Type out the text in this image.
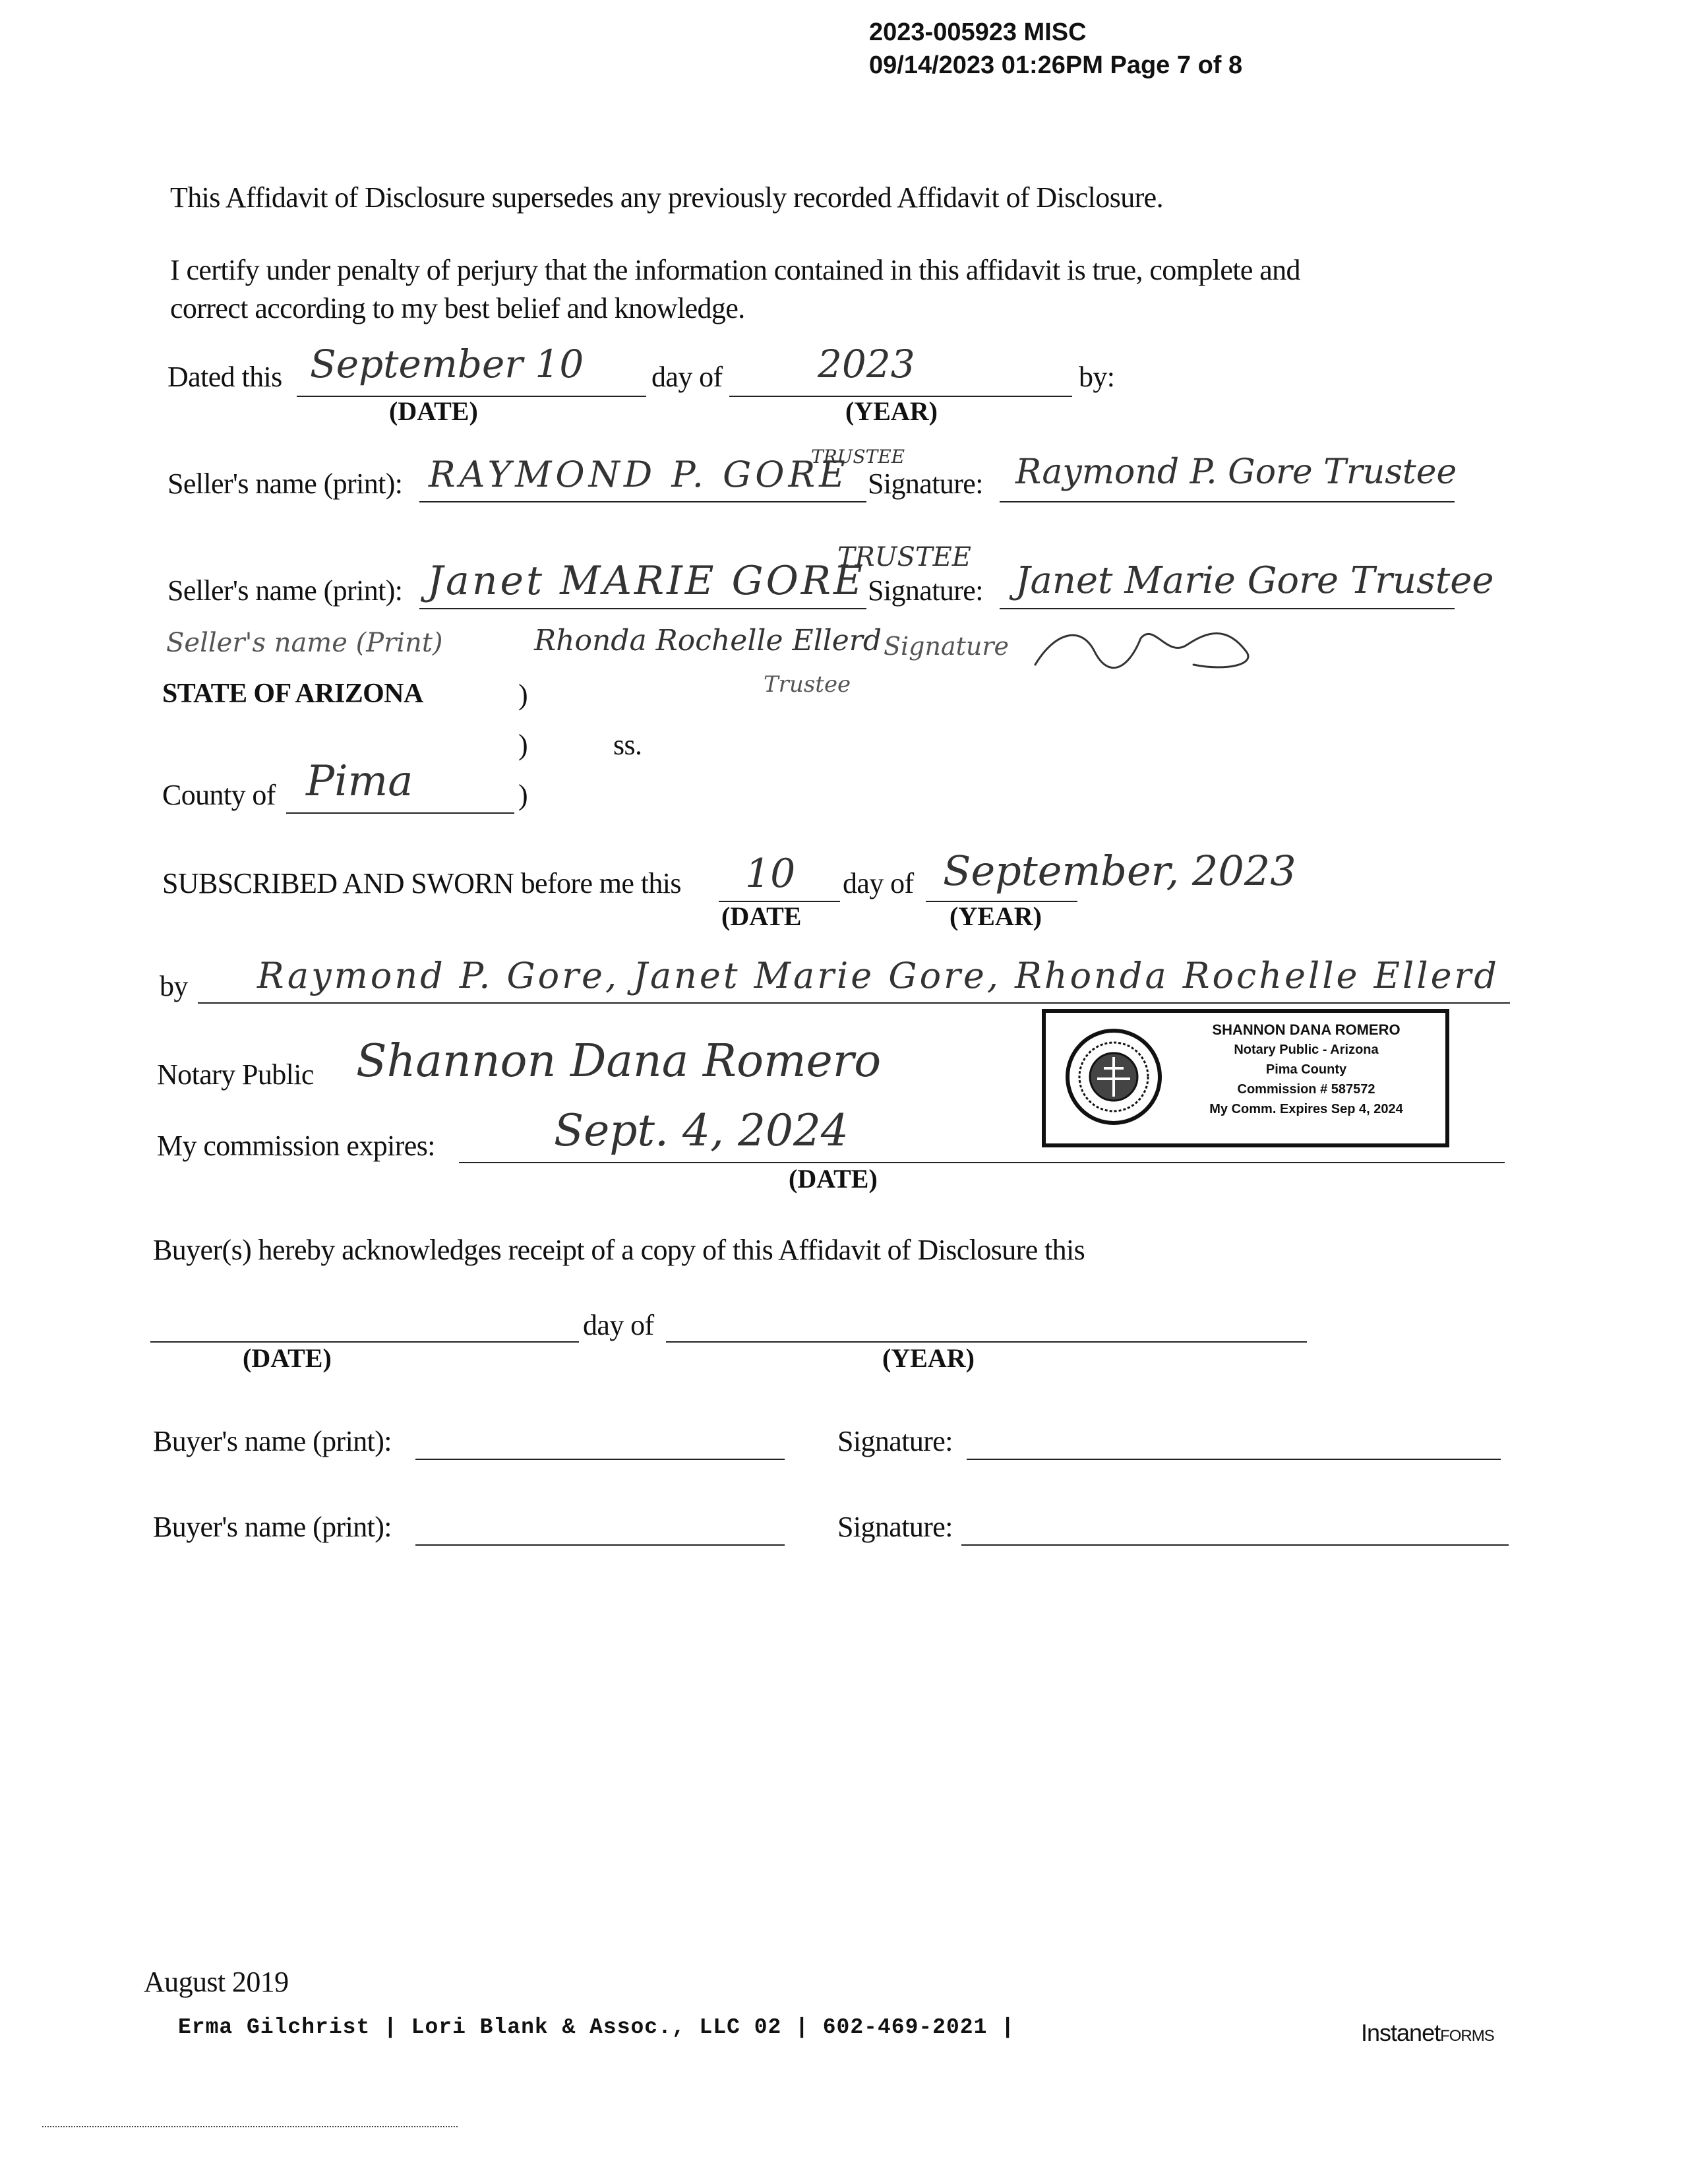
2023-005923 MISC
09/14/2023 01:26PM Page 7 of 8
This Affidavit of Disclosure supersedes any previously recorded Affidavit of Disclosure.
I certify under penalty of perjury that the information contained in this affidavit is true, complete and
correct according to my best belief and knowledge.
Dated this September 10 day of 2023	by:
(DATE)	(YEAR)
Seller's name (print): RAYMOND P. GORE
TRUSTEE
Signature: Raymond P. Gore Trustee
Seller's name (print): Janet MARIE GORE
TRUSTEE
Signature: Janet Marie Gore Trustee
Seller's name (Print)	Rhonda Rochelle Ellerd
Trustee
Signature
STATE OF ARIZONA	)
)	ss.
County of Pima	)
SUBSCRIBED AND SWORN before me this 10 day of September, 2023
(DATE	(YEAR)
by Raymond P. Gore, Janet Marie Gore, Rhonda Rochelle Ellerd
Notary Public Shannon Dana Romero
SHANNON DANA ROMERO
Notary Public - Arizona
Pima County
Commission # 587572
My Comm. Expires Sep 4, 2024
My commission expires:	Sept. 4, 2024
(DATE)
Buyer(s) hereby acknowledges receipt of a copy of this Affidavit of Disclosure this
day of
(DATE)	(YEAR)
Buyer's name (print):	Signature:
Buyer's name (print):	Signature:
August 2019
Erma Gilchrist | Lori Blank & Assoc., LLC 02 | 602-469-2021 |	InstanetFORMS
